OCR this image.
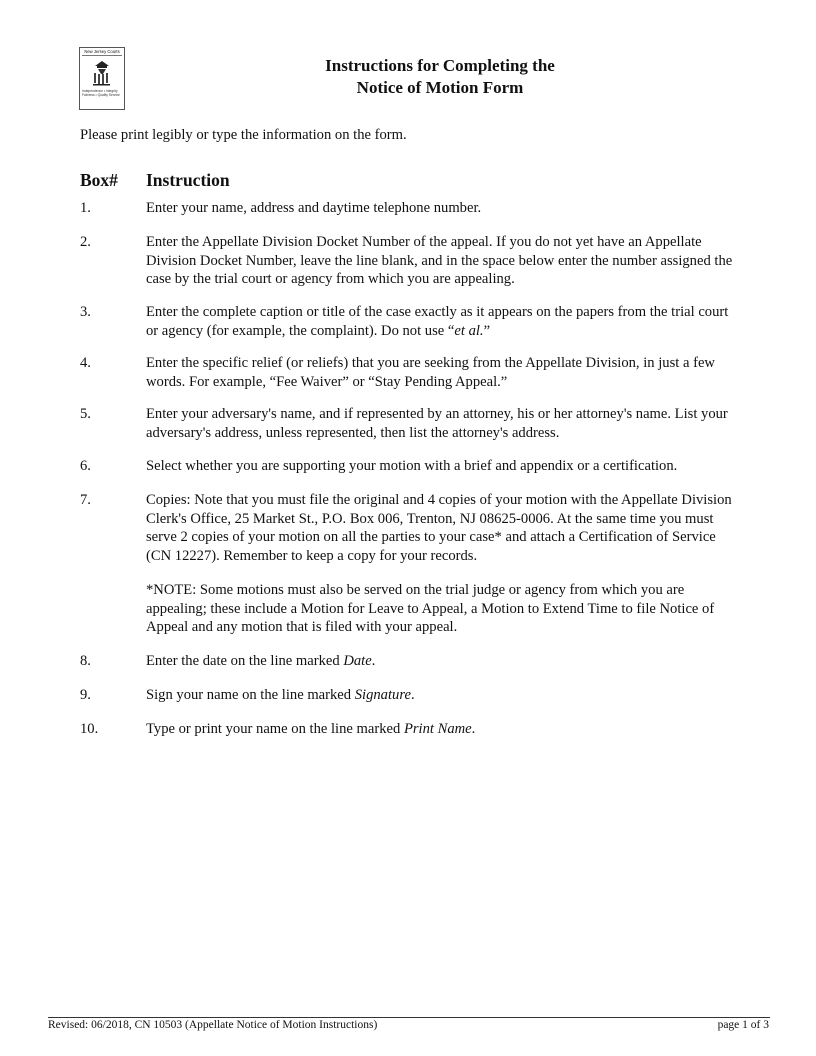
New Jersey Courts
Independence • Integrity
Fairness • Quality Service
Instructions for Completing the
Notice of Motion Form
Please print legibly or type the information on the form.
Box# Instruction
1.	Enter your name, address and daytime telephone number.
2.	Enter the Appellate Division Docket Number of the appeal. If you do not yet have an Appellate Division Docket Number, leave the line blank, and in the space below enter the number assigned the case by the trial court or agency from which you are appealing.
3.	Enter the complete caption or title of the case exactly as it appears on the papers from the trial court or agency (for example, the complaint). Do not use “et al.”
4.	Enter the specific relief (or reliefs) that you are seeking from the Appellate Division, in just a few words. For example, “Fee Waiver” or “Stay Pending Appeal.”
5.	Enter your adversary's name, and if represented by an attorney, his or her attorney's name. List your adversary's address, unless represented, then list the attorney's address.
6.	Select whether you are supporting your motion with a brief and appendix or a certification.
7.	Copies: Note that you must file the original and 4 copies of your motion with the Appellate Division Clerk's Office, 25 Market St., P.O. Box 006, Trenton, NJ 08625-0006. At the same time you must serve 2 copies of your motion on all the parties to your case* and attach a Certification of Service (CN 12227). Remember to keep a copy for your records.
*NOTE: Some motions must also be served on the trial judge or agency from which you are appealing; these include a Motion for Leave to Appeal, a Motion to Extend Time to file Notice of Appeal and any motion that is filed with your appeal.
8.	Enter the date on the line marked Date.
9.	Sign your name on the line marked Signature.
10.	Type or print your name on the line marked Print Name.
Revised: 06/2018, CN 10503 (Appellate Notice of Motion Instructions)	page 1 of 3
